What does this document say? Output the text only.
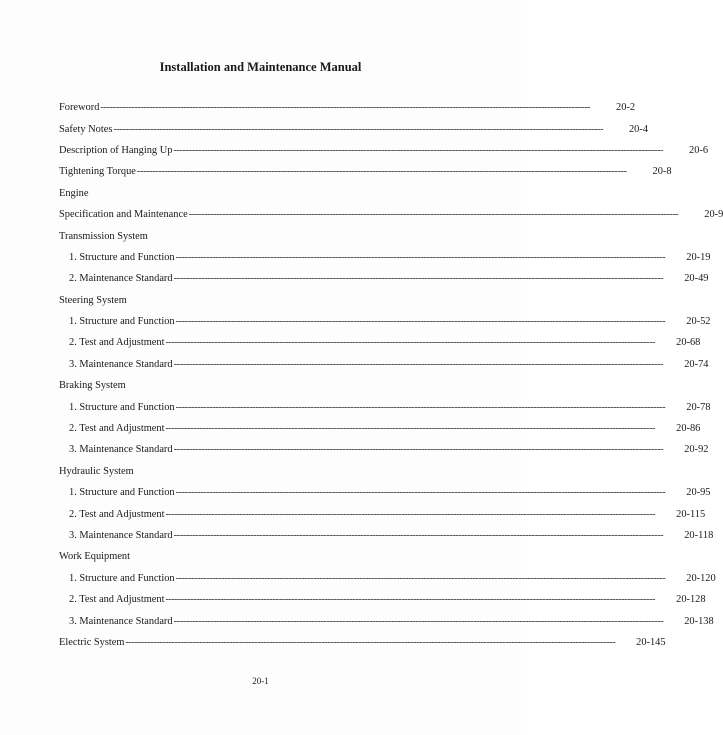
Installation and Maintenance Manual
Foreword ----------------------------------------------------------------------------------------------------------------------------------------------------------------	20-2
Safety Notes ----------------------------------------------------------------------------------------------------------------------------------------------------------------	20-4
Description of Hanging Up ----------------------------------------------------------------------------------------------------------------------------------------------------------------	20-6
Tightening Torque ----------------------------------------------------------------------------------------------------------------------------------------------------------------	20-8
Engine
Specification and Maintenance ----------------------------------------------------------------------------------------------------------------------------------------------------------------	20-9
Transmission System
1. Structure and Function ---------------------------------------------------------------------------------------------------------------------------------------------------------------- 20-19
2. Maintenance Standard ---------------------------------------------------------------------------------------------------------------------------------------------------------------- 20-49
Steering System
1. Structure and Function ---------------------------------------------------------------------------------------------------------------------------------------------------------------- 20-52
2. Test and Adjustment ---------------------------------------------------------------------------------------------------------------------------------------------------------------- 20-68
3. Maintenance Standard ---------------------------------------------------------------------------------------------------------------------------------------------------------------- 20-74
Braking System
1. Structure and Function ---------------------------------------------------------------------------------------------------------------------------------------------------------------- 20-78
2. Test and Adjustment ---------------------------------------------------------------------------------------------------------------------------------------------------------------- 20-86
3. Maintenance Standard ---------------------------------------------------------------------------------------------------------------------------------------------------------------- 20-92
Hydraulic System
1. Structure and Function ---------------------------------------------------------------------------------------------------------------------------------------------------------------- 20-95
2. Test and Adjustment ---------------------------------------------------------------------------------------------------------------------------------------------------------------- 20-115
3. Maintenance Standard ---------------------------------------------------------------------------------------------------------------------------------------------------------------- 20-118
Work Equipment
1. Structure and Function ---------------------------------------------------------------------------------------------------------------------------------------------------------------- 20-120
2. Test and Adjustment ---------------------------------------------------------------------------------------------------------------------------------------------------------------- 20-128
3. Maintenance Standard ---------------------------------------------------------------------------------------------------------------------------------------------------------------- 20-138
Electric System ---------------------------------------------------------------------------------------------------------------------------------------------------------------- 20-145
20-1
